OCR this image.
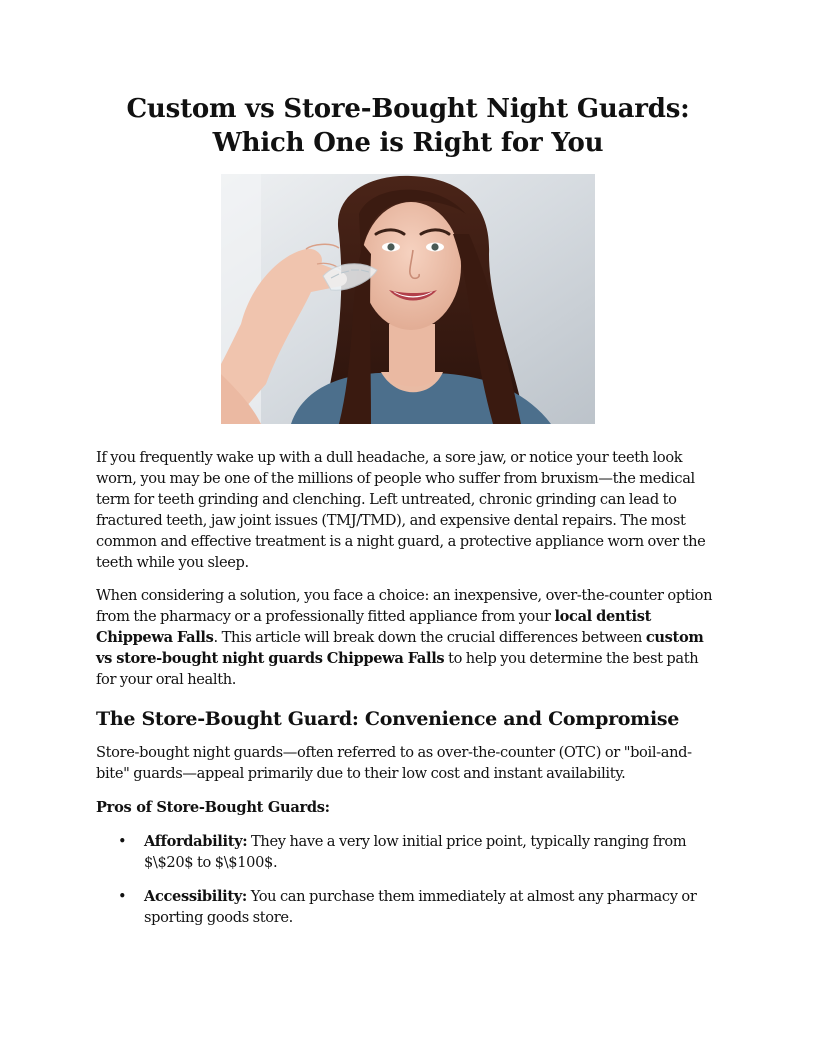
Custom vs Store-Bought Night Guards:
Which One is Right for You

If you frequently wake up with a dull headache, a sore jaw, or notice your teeth look worn, you may be one of the millions of people who suffer from bruxism—the medical term for teeth grinding and clenching. Left untreated, chronic grinding can lead to fractured teeth, jaw joint issues (TMJ/TMD), and expensive dental repairs. The most common and effective treatment is a night guard, a protective appliance worn over the teeth while you sleep.

When considering a solution, you face a choice: an inexpensive, over-the-counter option from the pharmacy or a professionally fitted appliance from your local dentist Chippewa Falls. This article will break down the crucial differences between custom vs store-bought night guards Chippewa Falls to help you determine the best path for your oral health.

The Store-Bought Guard: Convenience and Compromise

Store-bought night guards—often referred to as over-the-counter (OTC) or "boil-and-bite" guards—appeal primarily due to their low cost and instant availability.

Pros of Store-Bought Guards:
• Affordability: They have a very low initial price point, typically ranging from $\$20$ to $\$100$.
• Accessibility: You can purchase them immediately at almost any pharmacy or sporting goods store.
